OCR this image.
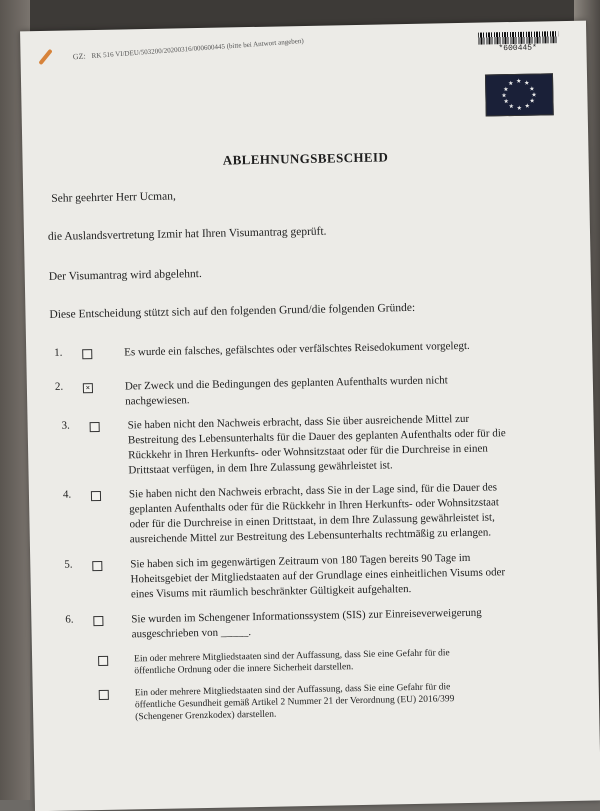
GZ: RK 516 VI/DEU/503200/20200316/000600445 (bitte bei Antwort angeben)	*600445*
★ ★
★
★
★
★
★
★
★
★
★
★
ABLEHNUNGSBESCHEID
Sehr geehrter Herr Ucman,
die Auslandsvertretung Izmir hat Ihren Visumantrag geprüft.
Der Visumantrag wird abgelehnt.
Diese Entscheidung stützt sich auf den folgenden Grund/die folgenden Gründe:
1.	Es wurde ein falsches, gefälschtes oder verfälschtes Reisedokument vorgelegt.
2.	×	Der Zweck und die Bedingungen des geplanten Aufenthalts wurden nicht
nachgewiesen.
3.	Sie haben nicht den Nachweis erbracht, dass Sie über ausreichende Mittel zur
Bestreitung des Lebensunterhalts für die Dauer des geplanten Aufenthalts oder für die
Rückkehr in Ihren Herkunfts- oder Wohnsitzstaat oder für die Durchreise in einen
Drittstaat verfügen, in dem Ihre Zulassung gewährleistet ist.
4.	Sie haben nicht den Nachweis erbracht, dass Sie in der Lage sind, für die Dauer des
geplanten Aufenthalts oder für die Rückkehr in Ihren Herkunfts- oder Wohnsitzstaat
oder für die Durchreise in einen Drittstaat, in dem Ihre Zulassung gewährleistet ist,
ausreichende Mittel zur Bestreitung des Lebensunterhalts rechtmäßig zu erlangen.
5.	Sie haben sich im gegenwärtigen Zeitraum von 180 Tagen bereits 90 Tage im
Hoheitsgebiet der Mitgliedstaaten auf der Grundlage eines einheitlichen Visums oder
eines Visums mit räumlich beschränkter Gültigkeit aufgehalten.
6.	Sie wurden im Schengener Informationssystem (SIS) zur Einreiseverweigerung
ausgeschrieben von _____.
Ein oder mehrere Mitgliedstaaten sind der Auffassung, dass Sie eine Gefahr für die
öffentliche Ordnung oder die innere Sicherheit darstellen.
Ein oder mehrere Mitgliedstaaten sind der Auffassung, dass Sie eine Gefahr für die
öffentliche Gesundheit gemäß Artikel 2 Nummer 21 der Verordnung (EU) 2016/399
(Schengener Grenzkodex) darstellen.
